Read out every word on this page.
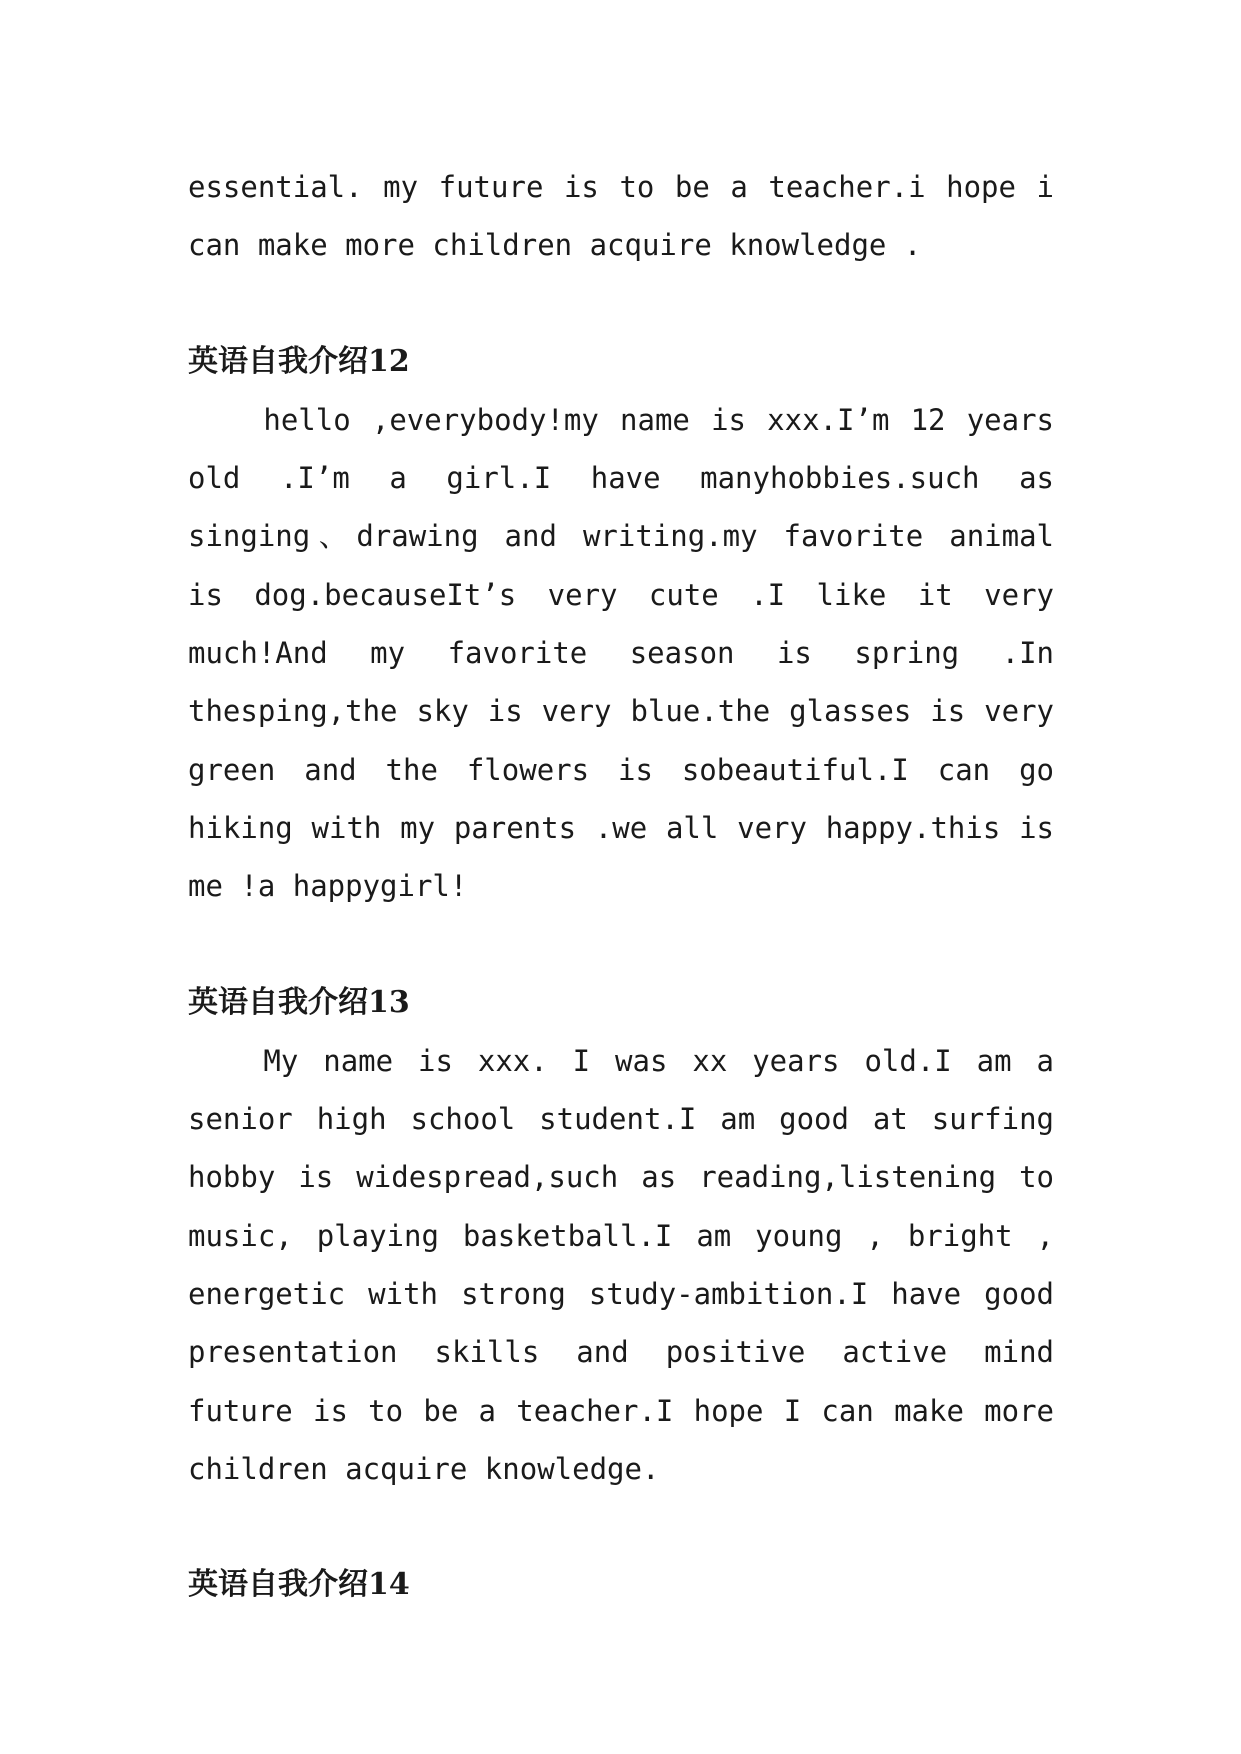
essential. my future is to be a teacher.i hope i can make more children acquire knowledge .

英语自我介绍12

hello ,everybody!my name is xxx.I’m 12 years old .I’m a girl.I have manyhobbies.such as singing、drawing and writing.my favorite animal is dog.becauseIt’s very cute .I like it very much!And my favorite season is spring .In thesping,the sky is very blue.the glasses is very green and the flowers is sobeautiful.I can go hiking with my parents .we all very happy.this is me !a happygirl!

英语自我介绍13

My name is xxx. I was xx years old.I am a senior high school student.I am good at surfing hobby is widespread,such as reading,listening to music, playing basketball.I am young , bright , energetic with strong study-ambition.I have good presentation skills and positive active mind future is to be a teacher.I hope I can make more children acquire knowledge.

英语自我介绍14
